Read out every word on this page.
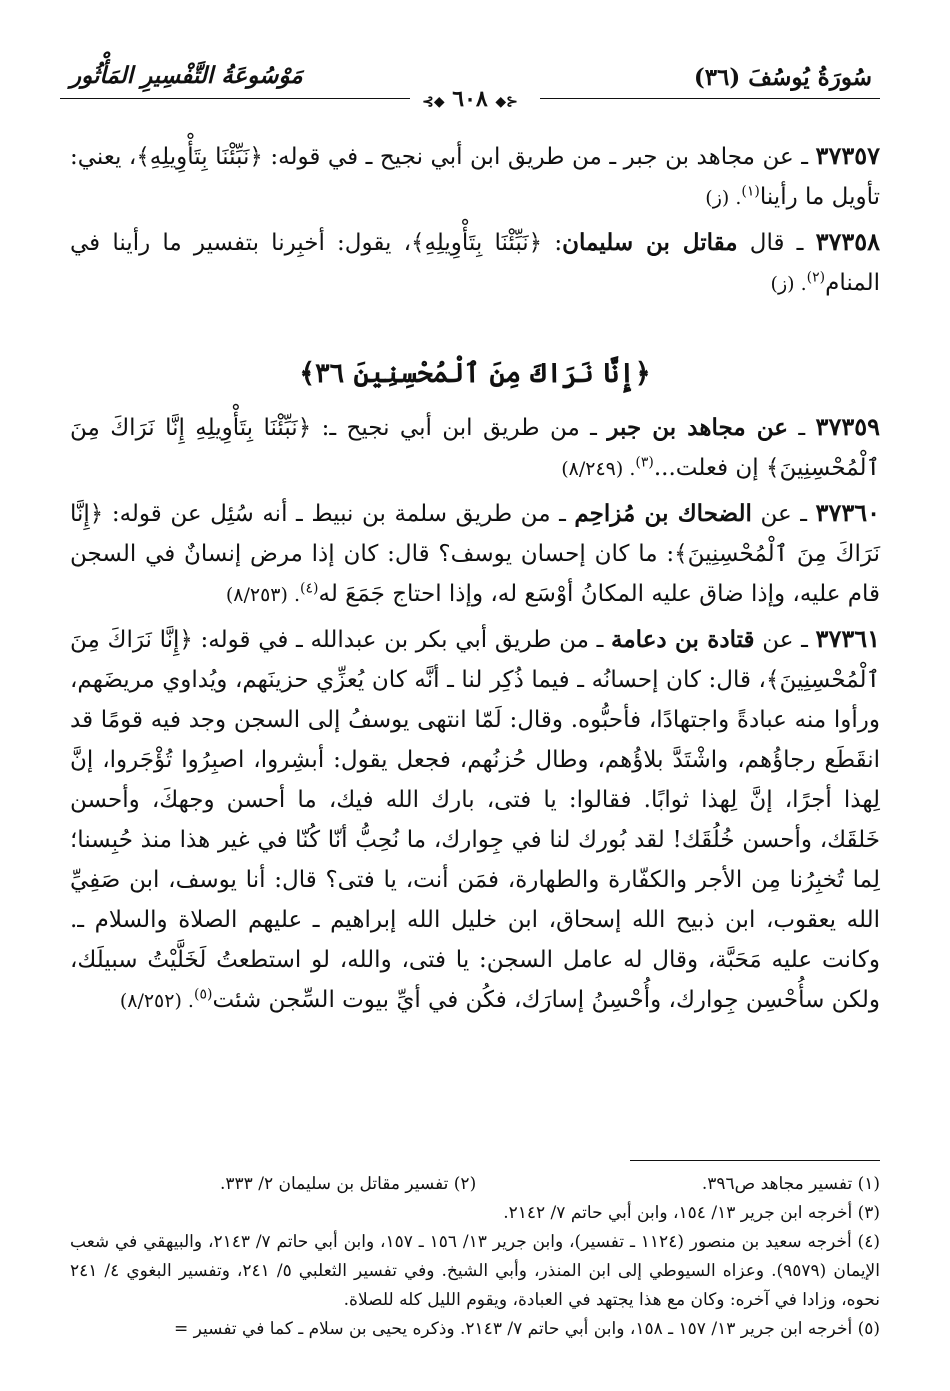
سُورَةُ يُوسُفَ (٣٦)
مَوْسُوعَةُ التَّفْسِيرِ المَأْثُور
⊰◆ ٦٠٨ ◆⊱

٣٧٣٥٧ ـ عن مجاهد بن جبر ـ من طريق ابن أبي نجيح ـ في قوله: ﴿نَبِّئْنَا بِتَأْوِيلِهِ﴾، يعني: تأويل ما رأينا$^{(١)}$. (ز)

٣٧٣٥٨ ـ قال مقاتل بن سليمان: ﴿نَبِّئْنَا بِتَأْوِيلِهِ﴾، يقول: أخبِرنا بتفسير ما رأينا في المنام$^{(٢)}$. (ز)

﴿إِنَّا نَرَاكَ مِنَ ٱلْمُحْسِنِينَ ٣٦﴾

٣٧٣٥٩ ـ عن مجاهد بن جبر ـ من طريق ابن أبي نجيح ـ: ﴿نَبِّئْنَا بِتَأْوِيلِهِ إِنَّا نَرَاكَ مِنَ ٱلْمُحْسِنِينَ﴾ إن فعلت...$^{(٣)}$. (٨/٢٤٩)

٣٧٣٦٠ ـ عن الضحاك بن مُزاحِم ـ من طريق سلمة بن نبيط ـ أنه سُئِل عن قوله: ﴿إِنَّا نَرَاكَ مِنَ ٱلْمُحْسِنِينَ﴾: ما كان إحسان يوسف؟ قال: كان إذا مرض إنسانٌ في السجن قام عليه، وإذا ضاق عليه المكانُ أوْسَع له، وإذا احتاج جَمَعَ له$^{(٤)}$. (٨/٢٥٣)

٣٧٣٦١ ـ عن قتادة بن دعامة ـ من طريق أبي بكر بن عبدالله ـ في قوله: ﴿إِنَّا نَرَاكَ مِنَ ٱلْمُحْسِنِينَ﴾، قال: كان إحسانُه ـ فيما ذُكِر لنا ـ أنَّه كان يُعزِّي حزينَهم، ويُداوي مريضَهم، ورأوا منه عبادةً واجتهادًا، فأحبُّوه. وقال: لَمّا انتهى يوسفُ إلى السجن وجد فيه قومًا قد انقَطَع رجاؤُهم، واشْتَدَّ بلاؤُهم، وطال حُزنُهم، فجعل يقول: أبشِروا، اصبِرُوا تُؤْجَروا، إنَّ لِهذا أجرًا، إنَّ لِهذا ثوابًا. فقالوا: يا فتى، بارك الله فيك، ما أحسن وجهكَ، وأحسن خَلقَك، وأحسن خُلُقَك! لقد بُورك لنا في جِوارك، ما نُحِبُّ أنّا كُنّا في غير هذا منذ حُبِسنا؛ لِما تُخبِرُنا مِن الأجر والكفّارة والطهارة، فمَن أنت، يا فتى؟ قال: أنا يوسف، ابن صَفِيِّ الله يعقوب، ابن ذبيح الله إسحاق، ابن خليل الله إبراهيم ـ عليهم الصلاة والسلام ـ. وكانت عليه مَحَبَّة، وقال له عامل السجن: يا فتى، والله، لو استطعتُ لَخَلَّيْتُ سبيلَك، ولكن سأُحْسِن جِوارك، وأُحْسِنُ إسارَك، فكُن في أيِّ بيوت السِّجن شئت$^{(٥)}$. (٨/٢٥٢)

(١) تفسير مجاهد ص٣٩٦.

(٢) تفسير مقاتل بن سليمان ٢/ ٣٣٣.

(٣) أخرجه ابن جرير ١٣/ ١٥٤، وابن أبي حاتم ٧/ ٢١٤٢.

(٤) أخرجه سعيد بن منصور (١١٢٤ ـ تفسير)، وابن جرير ١٣/ ١٥٦ ـ ١٥٧، وابن أبي حاتم ٧/ ٢١٤٣، والبيهقي في شعب الإيمان (٩٥٧٩). وعزاه السيوطي إلى ابن المنذر، وأبي الشيخ. وفي تفسير الثعلبي ٥/ ٢٤١، وتفسير البغوي ٤/ ٢٤١ نحوه، وزادا في آخره: وكان مع هذا يجتهد في العبادة، ويقوم الليل كله للصلاة.

(٥) أخرجه ابن جرير ١٣/ ١٥٧ ـ ١٥٨، وابن أبي حاتم ٧/ ٢١٤٣. وذكره يحيى بن سلام ـ كما في تفسير =
